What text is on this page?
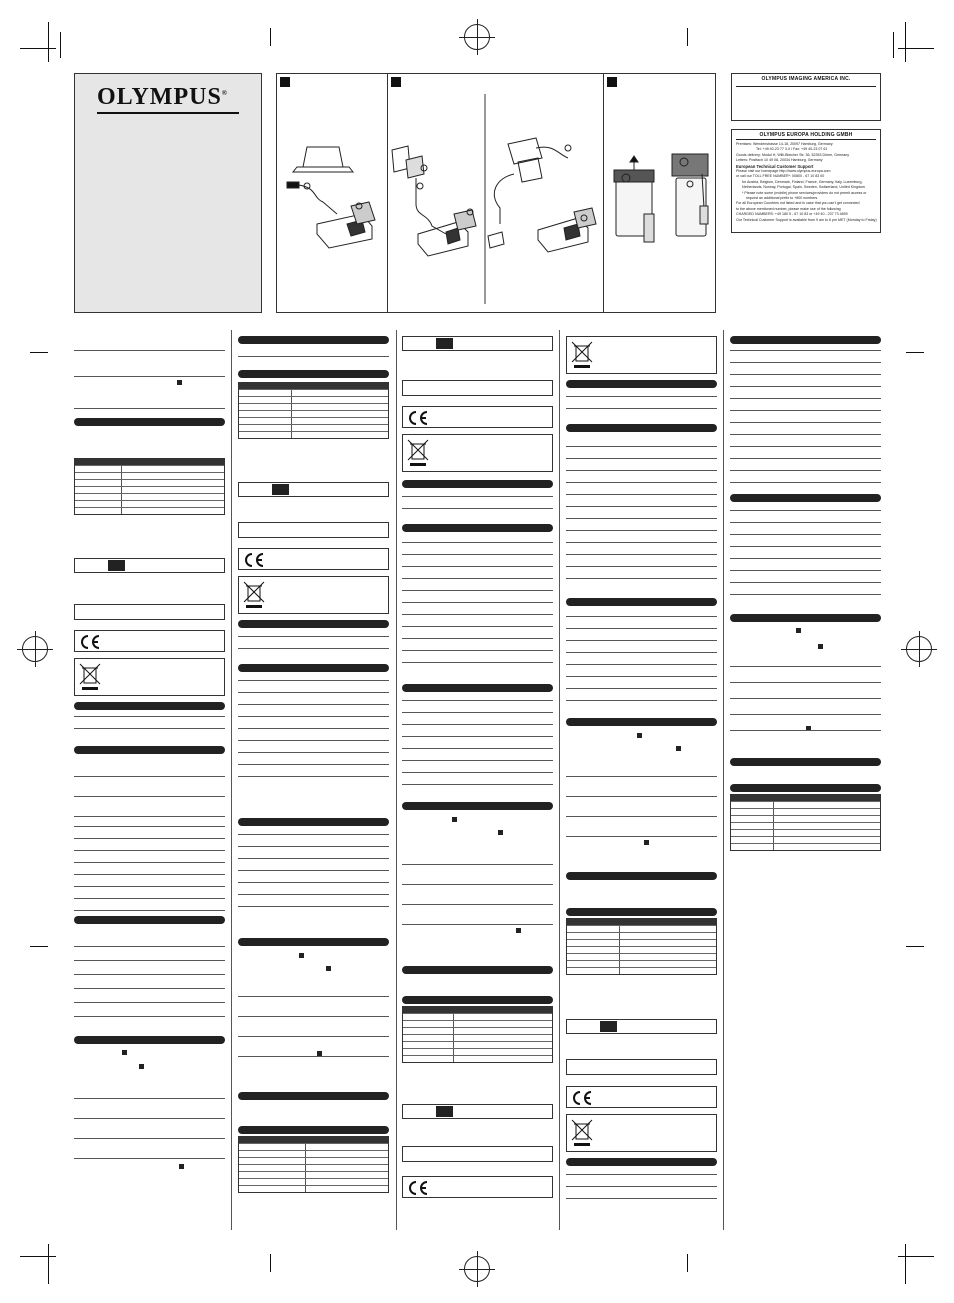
OLYMPUS®
OLYMPUS IMAGING AMERICA INC.
OLYMPUS EUROPA HOLDING GMBH
Premises: Wendenstrasse 14-18, 20097 Hamburg, Germany
Tel: +49 40-23 77 3-0 / Fax: +49 40-23 07 61
Goods delivery: Modul H, Willi-Bleicher Str. 36, 52353 Düren, Germany
Letters: Postfach 10 49 08, 20034 Hamburg, Germany
European Technical Customer Support
Please visit our homepage http://www.olympus-europa.com
or call our TOLL FREE NUMBER*: 00800 - 67 10 83 00
for Austria, Belgium, Denmark, Finland, France, Germany, Italy, Luxemburg,
Netherlands, Norway, Portugal, Spain, Sweden, Switzerland, United Kingdom
* Please note some (mobile) phone services/providers do not permit access or
request an additional prefix to +800 numbers.
For all European Countries not listed and in case that you can't get connected
to the above mentioned number, please make use of the following
CHARGED NUMBERS: +49 180 5 - 67 10 83 or +49 40 - 237 73 4899
Our Technical Customer Support is available from 9 am to 6 pm MET (Monday to Friday)
